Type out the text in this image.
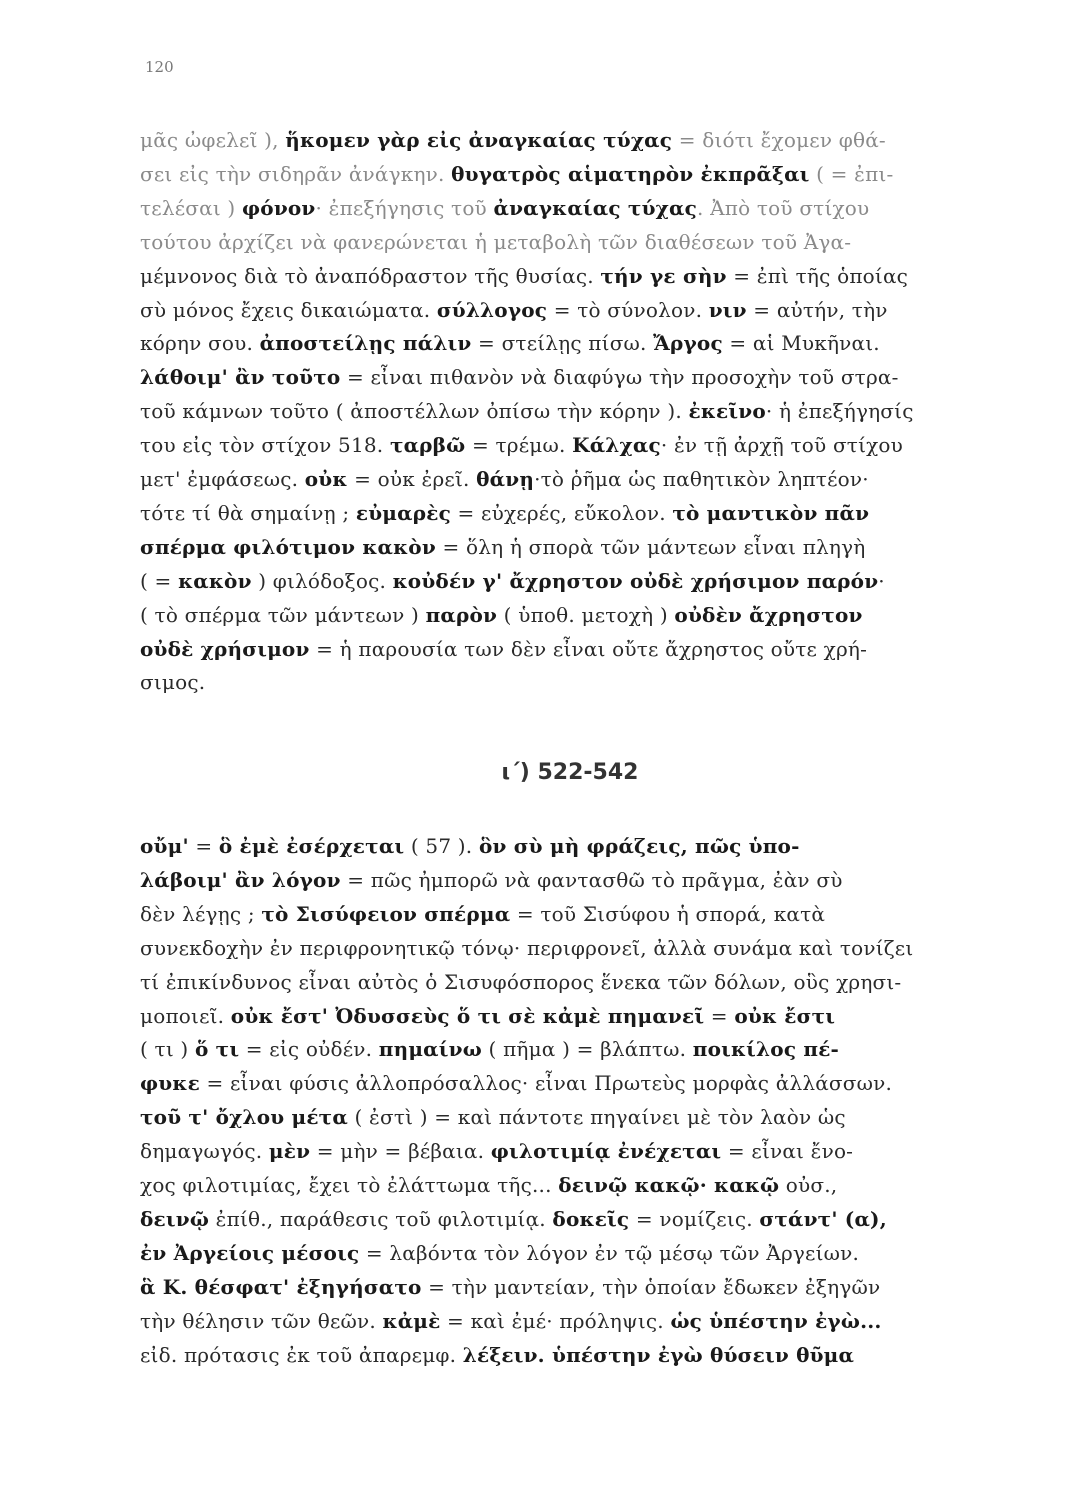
120
μᾶς ὠφελεῖ ), ἥκομεν γὰρ εἰς ἀναγκαίας τύχας = διότι ἔχομεν φθά-
σει εἰς τὴν σιδηρᾶν ἀνάγκην. θυγατρὸς αἱματηρὸν ἐκπρᾶξαι ( = ἐπι-
τελέσαι ) φόνον· ἐπεξήγησις τοῦ ἀναγκαίας τύχας. Ἀπὸ τοῦ στίχου
τούτου ἀρχίζει νὰ φανερώνεται ἡ μεταβολὴ τῶν διαθέσεων τοῦ Ἀγα-
μέμνονος διὰ τὸ ἀναπόδραστον τῆς θυσίας. τήν γε σὴν = ἐπὶ τῆς ὁποίας
σὺ μόνος ἔχεις δικαιώματα. σύλλογος = τὸ σύνολον. νιν = αὐτήν, τὴν
κόρην σου. ἀποστείλῃς πάλιν = στείλῃς πίσω. Ἄργος = αἱ Μυκῆναι.
λάθοιμ' ἂν τοῦτο = εἶναι πιθανὸν νὰ διαφύγω τὴν προσοχὴν τοῦ στρα-
τοῦ κάμνων τοῦτο ( ἀποστέλλων ὀπίσω τὴν κόρην ). ἐκεῖνο· ἡ ἐπεξήγησίς
του εἰς τὸν στίχον 518. ταρβῶ = τρέμω. Κάλχας· ἐν τῇ ἀρχῇ τοῦ στίχου
μετ' ἐμφάσεως. οὐκ = οὐκ ἐρεῖ. θάνῃ·τὸ ῥῆμα ὡς παθητικὸν ληπτέον·
τότε τί θὰ σημαίνῃ ; εὐμαρὲς = εὐχερές, εὔκολον. τὸ μαντικὸν πᾶν
σπέρμα φιλότιμον κακὸν = ὅλη ἡ σπορὰ τῶν μάντεων εἶναι πληγὴ
( = κακὸν ) φιλόδοξος. κοὐδέν γ' ἄχρηστον οὐδὲ χρήσιμον παρόν·
( τὸ σπέρμα τῶν μάντεων ) παρὸν ( ὑποθ. μετοχὴ ) οὐδὲν ἄχρηστον
οὐδὲ χρήσιμον = ἡ παρουσία των δὲν εἶναι οὔτε ἄχρηστος οὔτε χρή-
σιμος.
ι΄) 522-542
οὔμ' = ὃ ἐμὲ ἐσέρχεται ( 57 ). ὃν σὺ μὴ φράζεις, πῶς ὑπο-
λάβοιμ' ἂν λόγον = πῶς ἠμπορῶ νὰ φαντασθῶ τὸ πρᾶγμα, ἐὰν σὺ
δὲν λέγῃς ; τὸ Σισύφειον σπέρμα = τοῦ Σισύφου ἡ σπορά, κατὰ
συνεκδοχὴν ἐν περιφρονητικῷ τόνῳ· περιφρονεῖ, ἀλλὰ συνάμα καὶ τονίζει
τί ἐπικίνδυνος εἶναι αὐτὸς ὁ Σισυφόσπορος ἕνεκα τῶν δόλων, οὓς χρησι-
μοποιεῖ. οὐκ ἔστ' Ὀδυσσεὺς ὅ τι σὲ κἀμὲ πημανεῖ = οὐκ ἔστι
( τι ) ὅ τι = εἰς οὐδέν. πημαίνω ( πῆμα ) = βλάπτω. ποικίλος πέ-
φυκε = εἶναι φύσις ἀλλοπρόσαλλος· εἶναι Πρωτεὺς μορφὰς ἀλλάσσων.
τοῦ τ' ὄχλου μέτα ( ἐστὶ ) = καὶ πάντοτε πηγαίνει μὲ τὸν λαὸν ὡς
δημαγωγός. μὲν = μὴν = βέβαια. φιλοτιμίᾳ ἐνέχεται = εἶναι ἔνο-
χος φιλοτιμίας, ἔχει τὸ ἐλάττωμα τῆς... δεινῷ κακῷ· κακῷ οὐσ.,
δεινῷ ἐπίθ., παράθεσις τοῦ φιλοτιμίᾳ. δοκεῖς = νομίζεις. στάντ' (α),
ἐν Ἀργείοις μέσοις = λαβόντα τὸν λόγον ἐν τῷ μέσῳ τῶν Ἀργείων.
ἃ Κ. θέσφατ' ἐξηγήσατο = τὴν μαντείαν, τὴν ὁποίαν ἔδωκεν ἐξηγῶν
τὴν θέλησιν τῶν θεῶν. κἀμὲ = καὶ ἐμέ· πρόληψις. ὡς ὑπέστην ἐγὼ...
εἰδ. πρότασις ἐκ τοῦ ἀπαρεμφ. λέξειν. ὑπέστην ἐγὼ θύσειν θῦμα
